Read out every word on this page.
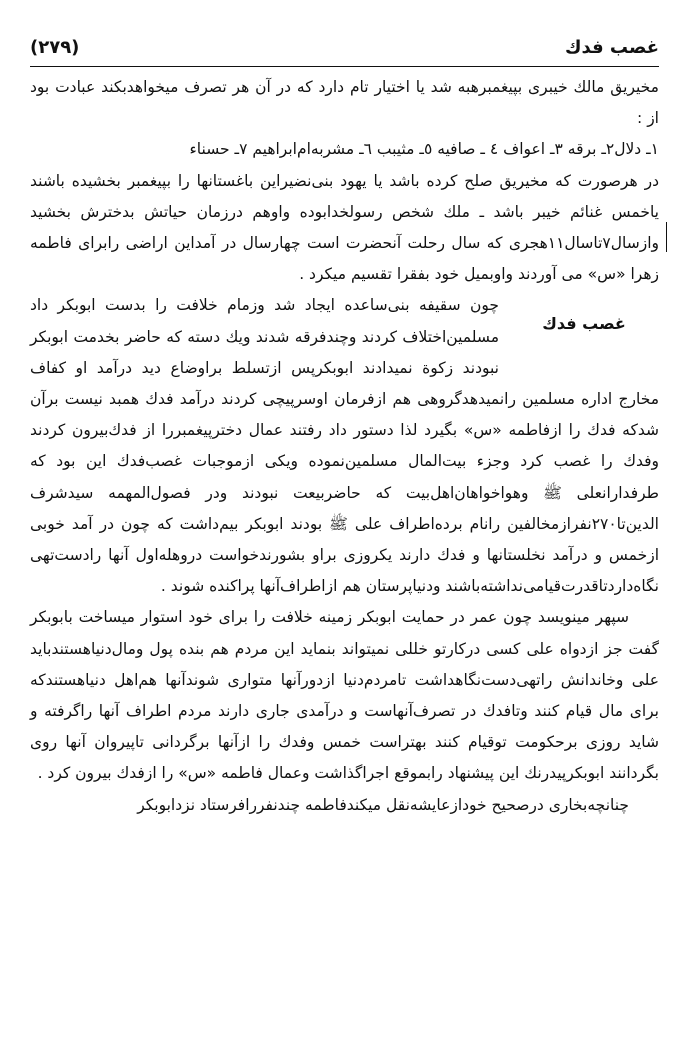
(۲۷۹)	غصب فدك

مخیریق مالك خیبری بپیغمبرهبه شد یا اختیار تام دارد که در آن هر تصرف میخواهدبکند عبادت بود از :

۱ـ دلال۲ـ برقه ۳ـ اعواف ٤ ـ صافیه ٥ـ مثیبب ٦ـ مشربه‌ام‌ابراهیم ۷ـ حسناء

در هرصورت که مخیریق صلح کرده باشد یا یهود بنی‌نضیراین باغستانها را بپیغمبر بخشیده باشند یاخمس غنائم خیبر باشد ـ ملك شخص رسولخدابوده واوهم درزمان حیاتش بدخترش بخشید وازسال۷تاسال۱۱هجری که سال رحلت آنحضرت است چهارسال در آمداین اراضی رابرای فاطمه زهرا «س» می آوردند واوبمیل خود بفقرا تقسیم میکرد .

غصب فدك

چون سقیفه بنی‌ساعده ایجاد شد وزمام خلافت را بدست ابوبکر داد مسلمین‌اختلاف کردند وچندفرقه شدند ویك دسته که حاضر بخدمت ابوبکر نبودند زکوة نمیدادند ابوبکرپس ازتسلط براوضاع دید درآمد او کفاف مخارج اداره مسلمین رانمیدهدگروهی هم ازفرمان اوسرپیچی کردند درآمد فدك همبد نیست برآن شدکه فدك را ازفاطمه «س» بگیرد لذا دستور داد رفتند عمال دخترپیغمبررا از فدك‌بیرون کردند وفدك را غصب کرد وجزء بیت‌المال مسلمین‌نموده ویکی ازموجبات غصب‌فدك این بود که طرفدارانعلی ﷺ وهواخواهان‌اهل‌بیت که حاضربیعت نبودند ودر فصول‌المهمه سیدشرف الدین‌تا۲۷۰نفرازمخالفین رانام برده‌اطراف علی ﷺ بودند ابوبکر بیم‌داشت که چون در آمد خوبی ازخمس و درآمد نخلستانها و فدك دارند یکروزی براو بشورند‌خواست درو‌هله‌اول آنها رادست‌تهی نگاه‌دارد‌تاقدرت‌قیامی‌نداشته‌باشند ودنیاپرستان هم ازاطراف‌آنها پراکنده شوند .

سپهر مینویسد چون عمر در حمایت ابوبکر زمینه خلافت را برای خود استوار میساخت بابوبکر گفت جز ازدواه علی کسی درکارتو خللی نمیتواند بنماید این مردم هم بنده پول ومال‌دنیاهستندباید علی وخاندانش راتهی‌دست‌نگاهداشت تامردم‌دنیا ازدورآنها متواری شوندآنها هم‌اهل دنیاهستندکه برای مال قیام کنند وتافدك در تصرف‌آنهاست و درآمدی جاری دارند مردم اطراف آنها راگرفته و شاید روزی برحکومت توقیام کنند بهتراست خمس وفدك را ازآنها برگردانی تاپیروان آنها روی بگردانند ابوبکرپیدرنك این پیشنهاد رابموقع اجراگذاشت وعمال فاطمه «س» را ازفدك بیرون کرد .

چنانچه‌بخاری درصحیح خودازعایشه‌نقل میکندفاطمه چندنفررافرستاد نزدابوبکر
